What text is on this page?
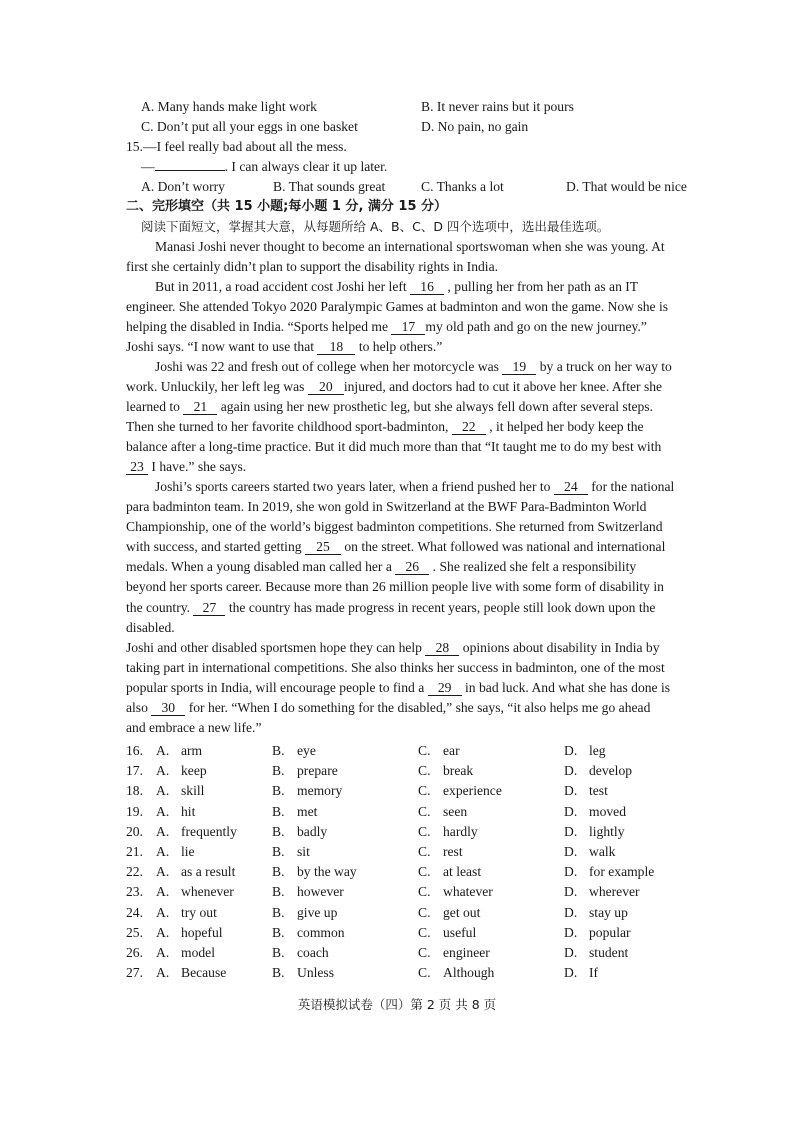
A. Many hands make light work	B. It never rains but it pours
C. Don’t put all your eggs in one basket	D. No pain, no gain
15.—I feel really bad about all the mess.
—	. I can always clear it up later.
A. Don’t worry	B. That sounds great	C. Thanks a lot	D. That would be nice
二、完形填空（共 15 小题;每小题 1 分, 满分 15 分）
阅读下面短文，掌握其大意，从每题所给 A、B、C、D 四个选项中，选出最佳选项。
Manasi Joshi never thought to become an international sportswoman when she was young. At
first she certainly didn’t plan to support the disability rights in India.
But in 2011, a road accident cost Joshi her left 16 , pulling her from her path as an IT
engineer. She attended Tokyo 2020 Paralympic Games at badminton and won the game. Now she is
helping the disabled in India. “Sports helped me 17 my old path and go on the new journey.”
Joshi says. “I now want to use that 18 to help others.”
Joshi was 22 and fresh out of college when her motorcycle was 19 by a truck on her way to
work. Unluckily, her left leg was 20 injured, and doctors had to cut it above her knee. After she
learned to 21 again using her new prosthetic leg, but she always fell down after several steps.
Then she turned to her favorite childhood sport-badminton, 22 , it helped her body keep the
balance after a long-time practice. But it did much more than that “It taught me to do my best with
23 I have.” she says.
Joshi’s sports careers started two years later, when a friend pushed her to 24 for the national
para badminton team. In 2019, she won gold in Switzerland at the BWF Para-Badminton World
Championship, one of the world’s biggest badminton competitions. She returned from Switzerland
with success, and started getting 25 on the street. What followed was national and international
medals. When a young disabled man called her a 26 . She realized she felt a responsibility
beyond her sports career. Because more than 26 million people live with some form of disability in
the country. 27 the country has made progress in recent years, people still look down upon the
disabled.
Joshi and other disabled sportsmen hope they can help 28 opinions about disability in India by
taking part in international competitions. She also thinks her success in badminton, one of the most
popular sports in India, will encourage people to find a 29 in bad luck. And what she has done is
also 30 for her. “When I do something for the disabled,” she says, “it also helps me go ahead
and embrace a new life.”
16. A. arm	B. eye	C. ear	D. leg
17. A. keep	B. prepare	C. break	D. develop
18. A. skill	B. memory	C. experience	D. test
19. A. hit	B. met	C. seen	D. moved
20. A. frequently	B. badly	C. hardly	D. lightly
21. A. lie	B. sit	C. rest	D. walk
22. A. as a result	B. by the way	C. at least	D. for example
23. A. whenever	B. however	C. whatever	D. wherever
24. A. try out	B. give up	C. get out	D. stay up
25. A. hopeful	B. common	C. useful	D. popular
26. A. model	B. coach	C. engineer	D. student
27. A. Because	B. Unless	C. Although	D. If
英语模拟试卷（四）第 2 页 共 8 页
